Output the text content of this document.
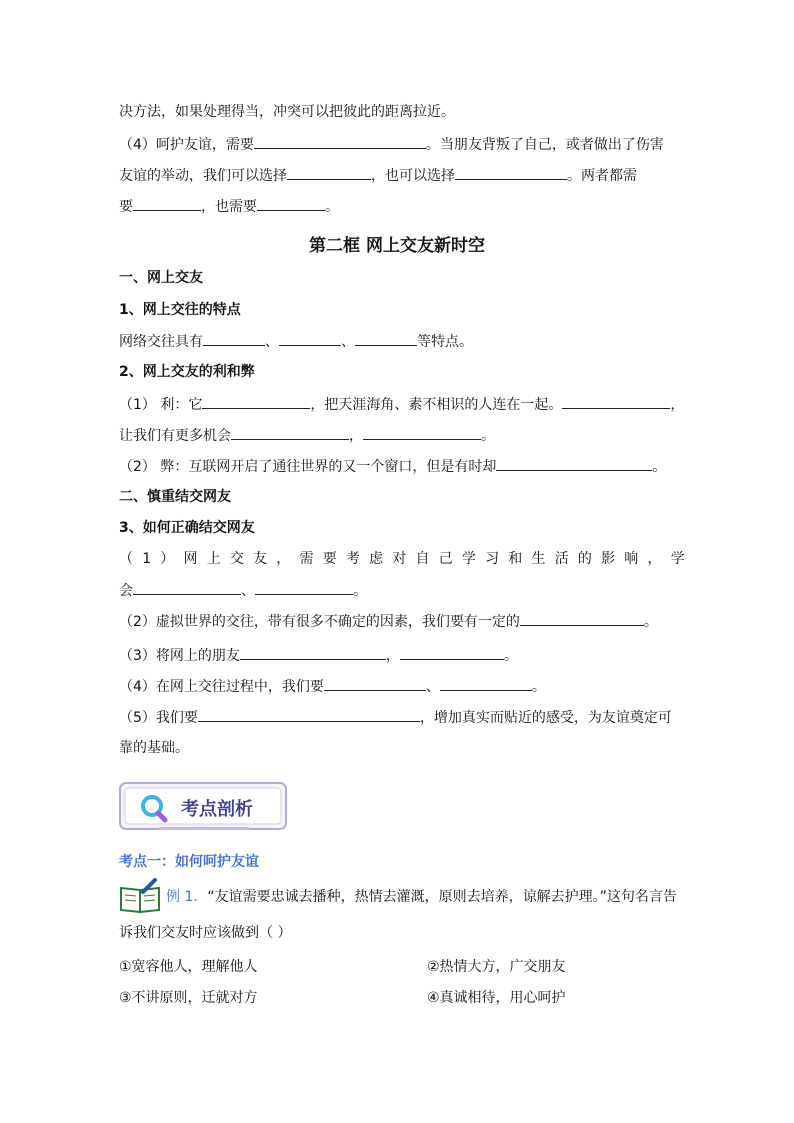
决方法，如果处理得当，冲突可以把彼此的距离拉近。
（4）呵护友谊，需要	。当朋友背叛了自己，或者做出了伤害
友谊的举动，我们可以选择	，也可以选择	。两者都需
要	，也需要	。
第二框 网上交友新时空
一、网上交友
1、网上交往的特点
网络交往具有	、	、	等特点。
2、网上交友的利和弊
（1） 利：它	，把天涯海角、素不相识的人连在一起。	，
让我们有更多机会	，	。
（2） 弊：互联网开启了通往世界的又一个窗口，但是有时却	。
二、慎重结交网友
3、如何正确结交网友
（1）网上交友，需要考虑对自己学习和生活的影响，学
会	、	。
（2）虚拟世界的交往，带有很多不确定的因素，我们要有一定的	。
（3）将网上的朋友	，	。
（4）在网上交往过程中，我们要	、	。
（5）我们要	，增加真实而贴近的感受，为友谊奠定可
靠的基础。
考点剖析
考点一：如何呵护友谊
例 1．“友谊需要忠诚去播种，热情去灌溉，原则去培养，谅解去护理。”这句名言告
诉我们交友时应该做到（ ）
①宽容他人，理解他人	②热情大方，广交朋友
③不讲原则，迁就对方	④真诚相待，用心呵护
